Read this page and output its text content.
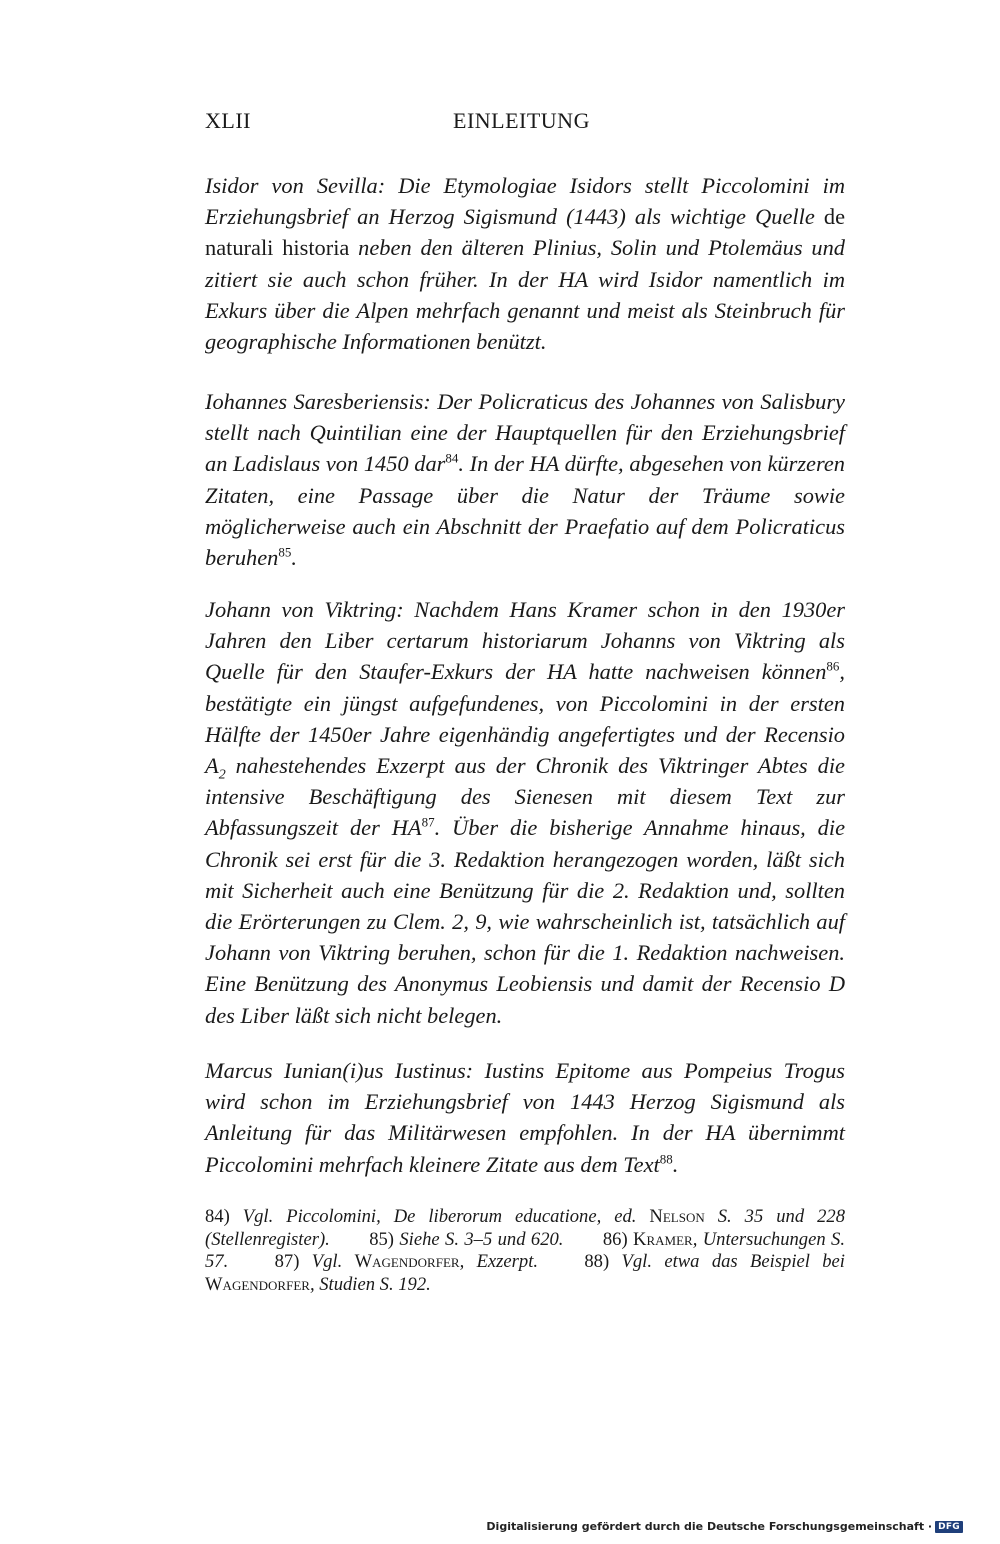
XLII	EINLEITUNG

Isidor von Sevilla: Die Etymologiae Isidors stellt Piccolomini im Erziehungsbrief an Herzog Sigismund (1443) als wichtige Quelle de naturali historia neben den älteren Plinius, Solin und Ptolemäus und zitiert sie auch schon früher. In der HA wird Isidor namentlich im Exkurs über die Alpen mehrfach genannt und meist als Steinbruch für geographische Informationen benützt.

Iohannes Saresberiensis: Der Policraticus des Johannes von Salisbury stellt nach Quintilian eine der Hauptquellen für den Erziehungsbrief an Ladislaus von 1450 dar$^{84}$. In der HA dürfte, abgesehen von kürzeren Zitaten, eine Passage über die Natur der Träume sowie möglicherweise auch ein Abschnitt der Praefatio auf dem Policraticus beruhen$^{85}$.

Johann von Viktring: Nachdem Hans Kramer schon in den 1930er Jahren den Liber certarum historiarum Johanns von Viktring als Quelle für den Staufer-Exkurs der HA hatte nachweisen können$^{86}$, bestätigte ein jüngst aufgefundenes, von Piccolomini in der ersten Hälfte der 1450er Jahre eigenhändig angefertigtes und der Recensio $A_2$ nahestehendes Exzerpt aus der Chronik des Viktringer Abtes die intensive Beschäftigung des Sienesen mit diesem Text zur Abfassungszeit der HA$^{87}$. Über die bisherige Annahme hinaus, die Chronik sei erst für die 3. Redaktion herangezogen worden, läßt sich mit Sicherheit auch eine Benützung für die 2. Redaktion und, sollten die Erörterungen zu Clem. 2, 9, wie wahrscheinlich ist, tatsächlich auf Johann von Viktring beruhen, schon für die 1. Redaktion nachweisen. Eine Benützung des Anonymus Leobiensis und damit der Recensio D des Liber läßt sich nicht belegen.

Marcus Iunian(i)us Iustinus: Iustins Epitome aus Pompeius Trogus wird schon im Erziehungsbrief von 1443 Herzog Sigismund als Anleitung für das Militärwesen empfohlen. In der HA übernimmt Piccolomini mehrfach kleinere Zitate aus dem Text$^{88}$.

84) Vgl. Piccolomini, De liberorum educatione, ed. Nelson S. 35 und 228 (Stellenregister). 85) Siehe S. 3–5 und 620. 86) Kramer, Untersuchungen S. 57. 87) Vgl. Wagendorfer, Exzerpt. 88) Vgl. etwa das Beispiel bei Wagendorfer, Studien S. 192.

Digitalisierung gefördert durch die Deutsche Forschungsgemeinschaft · DFG
